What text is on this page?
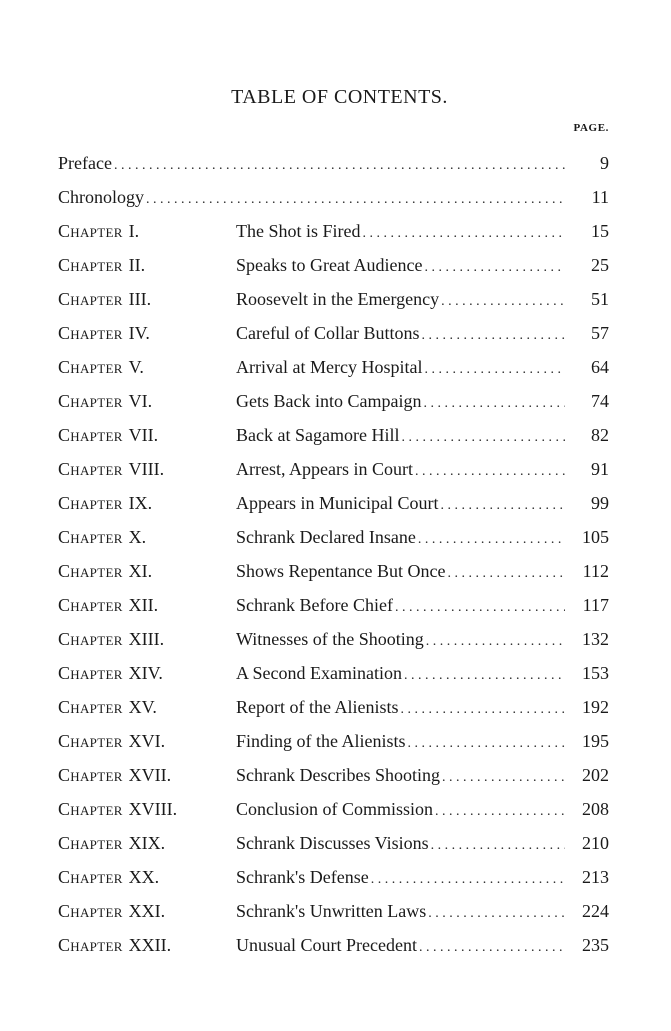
TABLE OF CONTENTS.
PAGE.
Preface . . .	9
Chronology . . .	11
Chapter I.	The Shot is Fired . . .	15
Chapter II.	Speaks to Great Audience . . .	25
Chapter III.	Roosevelt in the Emergency . . .	51
Chapter IV.	Careful of Collar Buttons . . .	57
Chapter V.	Arrival at Mercy Hospital . . .	64
Chapter VI.	Gets Back into Campaign . . .	74
Chapter VII.	Back at Sagamore Hill . . .	82
Chapter VIII.	Arrest, Appears in Court . . .	91
Chapter IX.	Appears in Municipal Court . . .	99
Chapter X.	Schrank Declared Insane . . .	105
Chapter XI.	Shows Repentance But Once . . .	112
Chapter XII.	Schrank Before Chief . . .	117
Chapter XIII.	Witnesses of the Shooting . . .	132
Chapter XIV.	A Second Examination . . .	153
Chapter XV.	Report of the Alienists . . .	192
Chapter XVI.	Finding of the Alienists . . .	195
Chapter XVII.	Schrank Describes Shooting . . .	202
Chapter XVIII.	Conclusion of Commission . . .	208
Chapter XIX.	Schrank Discusses Visions . . .	210
Chapter XX.	Schrank's Defense . . .	213
Chapter XXI.	Schrank's Unwritten Laws . . .	224
Chapter XXII.	Unusual Court Precedent . . .	235
